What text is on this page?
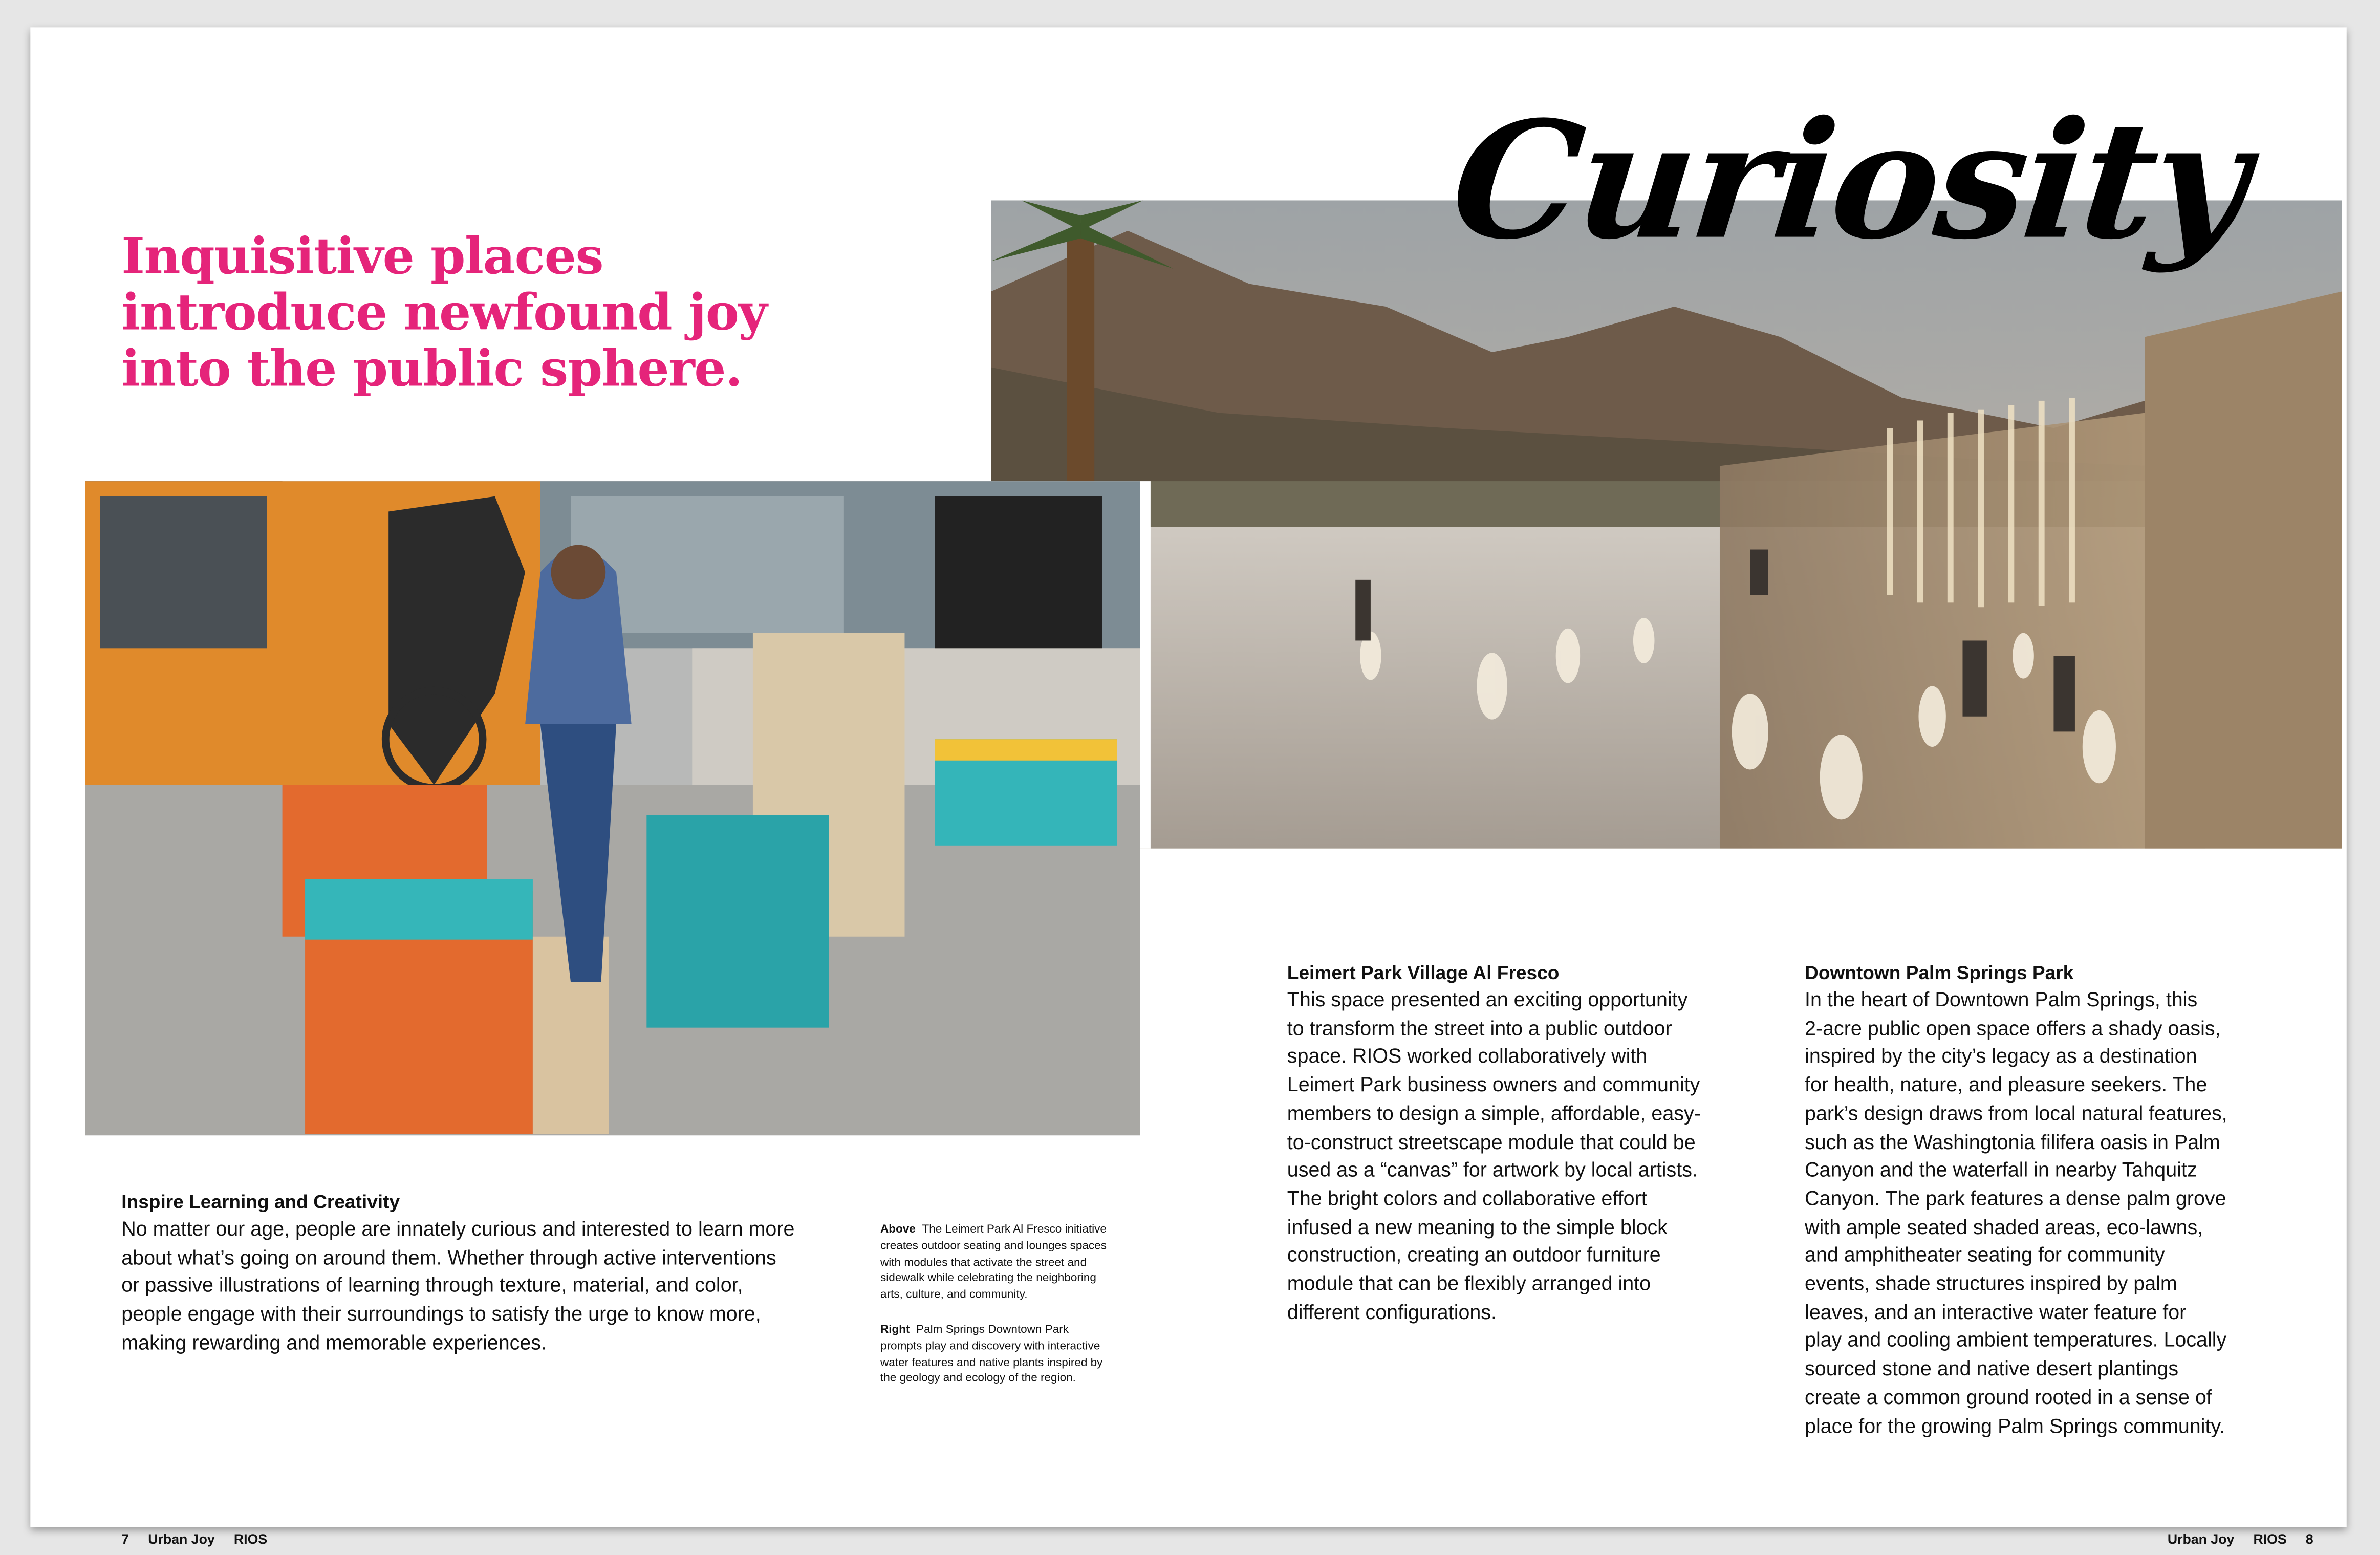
Inquisitive places
introduce newfound joy
into the public sphere.
Curiosity
Inspire Learning and Creativity
No matter our age, people are innately curious and interested to learn more
about what’s going on around them. Whether through active interventions
or passive illustrations of learning through texture, material, and color,
people engage with their surroundings to satisfy the urge to know more,
making rewarding and memorable experiences.
Above The Leimert Park Al Fresco initiative
creates outdoor seating and lounges spaces
with modules that activate the street and
sidewalk while celebrating the neighboring
arts, culture, and community.
Right Palm Springs Downtown Park
prompts play and discovery with interactive
water features and native plants inspired by
the geology and ecology of the region.
Leimert Park Village Al Fresco
This space presented an exciting opportunity
to transform the street into a public outdoor
space. RIOS worked collaboratively with
Leimert Park business owners and community
members to design a simple, affordable, easy-
to-construct streetscape module that could be
used as a “canvas” for artwork by local artists.
The bright colors and collaborative effort
infused a new meaning to the simple block
construction, creating an outdoor furniture
module that can be flexibly arranged into
different configurations.
Downtown Palm Springs Park
In the heart of Downtown Palm Springs, this
2-acre public open space offers a shady oasis,
inspired by the city’s legacy as a destination
for health, nature, and pleasure seekers. The
park’s design draws from local natural features,
such as the Washingtonia filifera oasis in Palm
Canyon and the waterfall in nearby Tahquitz
Canyon. The park features a dense palm grove
with ample seated shaded areas, eco-lawns,
and amphitheater seating for community
events, shade structures inspired by palm
leaves, and an interactive water feature for
play and cooling ambient temperatures. Locally
sourced stone and native desert plantings
create a common ground rooted in a sense of
place for the growing Palm Springs community.
7	Urban Joy	RIOS	Urban Joy	RIOS	8
